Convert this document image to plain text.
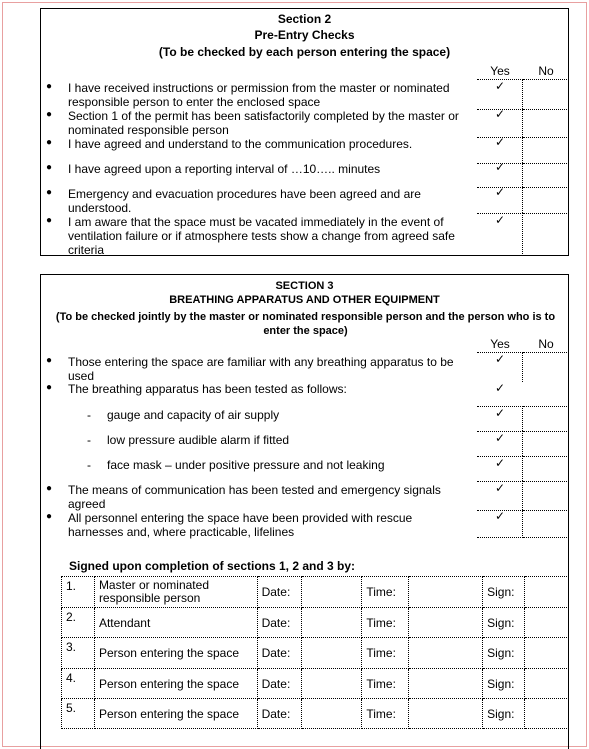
Section 2
Pre-Entry Checks
(To be checked by each person entering the space)
Yes	No
● I have received instructions or permission from the master or nominated responsible person to enter the enclosed space
✓
● Section 1 of the permit has been satisfactorily completed by the master or nominated responsible person
✓
● I have agreed and understand to the communication procedures.	✓
● I have agreed upon a reporting interval of …10….. minutes	✓
● Emergency and evacuation procedures have been agreed and are understood.
✓
● I am aware that the space must be vacated immediately in the event of ventilation failure or if atmosphere tests show a change from agreed safe criteria
✓
SECTION 3
BREATHING APPARATUS AND OTHER EQUIPMENT
(To be checked jointly by the master or nominated responsible person and the person who is to enter the space)
Yes	No
● Those entering the space are familiar with any breathing apparatus to be used
✓
● The breathing apparatus has been tested as follows:	✓
- gauge and capacity of air supply	✓
- low pressure audible alarm if fitted	✓
- face mask – under positive pressure and not leaking	✓
● The means of communication has been tested and emergency signals agreed
✓
● All personnel entering the space have been provided with rescue harnesses and, where practicable, lifelines
✓
Signed upon completion of sections 1, 2 and 3 by:
1.	Master or nominated responsible person	Date:		Time:		Sign:	
2.	Attendant	Date:		Time:		Sign:	
3.	Person entering the space	Date:		Time:		Sign:	
4.	Person entering the space	Date:		Time:		Sign:	
5.	Person entering the space	Date:		Time:		Sign:	
